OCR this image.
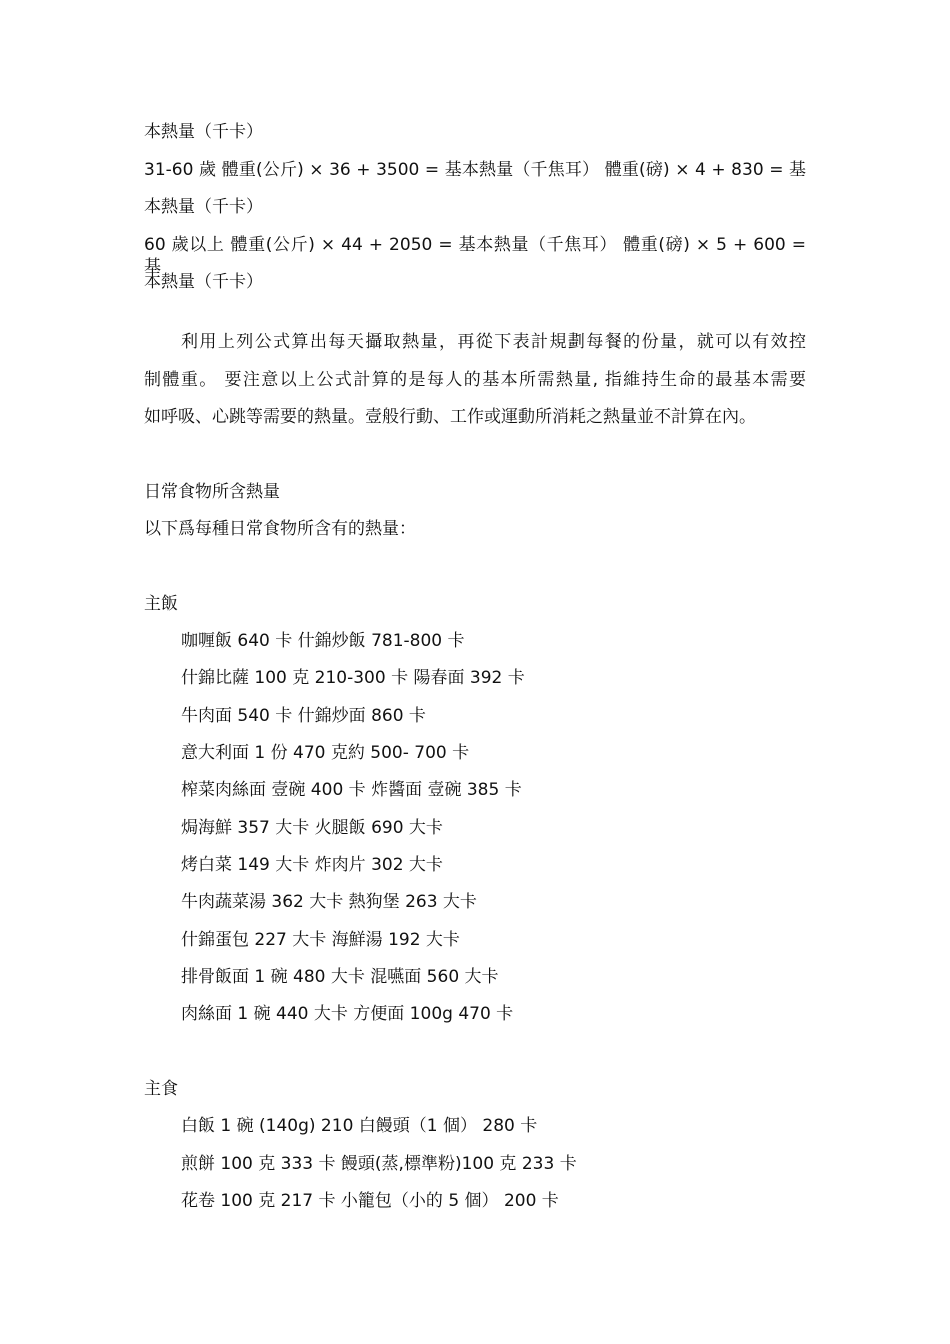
本熱量（千卡）
31-60 歲 體重(公斤) × 36 + 3500 = 基本熱量（千焦耳） 體重(磅) × 4 + 830 = 基
本熱量（千卡）
60 歲以上 體重(公斤) × 44 + 2050 = 基本熱量（千焦耳） 體重(磅) × 5 + 600 = 基
本熱量（千卡）
利用上列公式算出每天攝取熱量，再從下表計規劃每餐的份量，就可以有效控
制體重。 要注意以上公式計算的是每人的基本所需熱量, 指維持生命的最基本需要
如呼吸、心跳等需要的熱量。壹般行動、工作或運動所消耗之熱量並不計算在內。
日常食物所含熱量
以下爲每種日常食物所含有的熱量：
主飯
咖喱飯 640 卡 什錦炒飯 781-800 卡
什錦比薩 100 克 210-300 卡 陽春面 392 卡
牛肉面 540 卡 什錦炒面 860 卡
意大利面 1 份 470 克約 500- 700 卡
榨菜肉絲面 壹碗 400 卡 炸醬面 壹碗 385 卡
焗海鮮 357 大卡 火腿飯 690 大卡
烤白菜 149 大卡 炸肉片 302 大卡
牛肉蔬菜湯 362 大卡 熱狗堡 263 大卡
什錦蛋包 227 大卡 海鮮湯 192 大卡
排骨飯面 1 碗 480 大卡 混嚥面 560 大卡
肉絲面 1 碗 440 大卡 方便面 100g 470 卡
主食
白飯 1 碗 (140g) 210 白饅頭（1 個） 280 卡
煎餅 100 克 333 卡 饅頭(蒸,標準粉)100 克 233 卡
花卷 100 克 217 卡 小籠包（小的 5 個） 200 卡
